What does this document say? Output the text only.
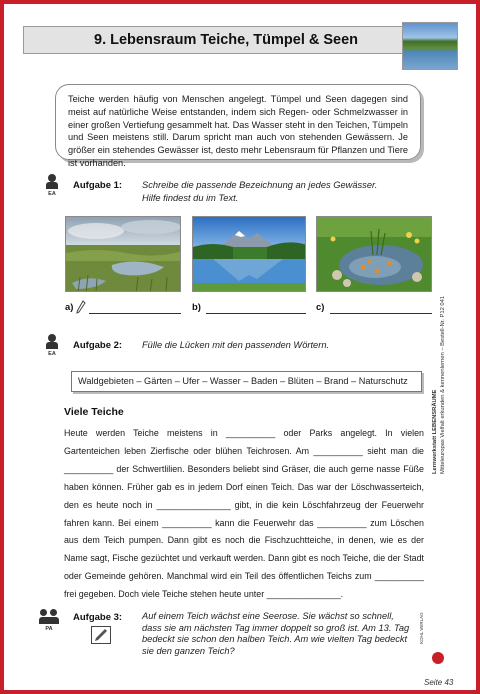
9. Lebensraum Teiche, Tümpel & Seen

Teiche werden häufig von Menschen angelegt. Tümpel und Seen dagegen sind meist auf natürliche Weise entstanden, indem sich Regen- oder Schmelzwasser in einer großen Vertiefung gesammelt hat. Das Wasser steht in den Teichen, Tümpeln und Seen meistens still. Darum spricht man auch von stehenden Gewässern. Je größer ein stehendes Gewässer ist, desto mehr Lebensraum für Pflanzen und Tiere ist vorhanden.

EA
Aufgabe 1: Schreibe die passende Bezeichnung an jedes Gewässer.
Hilfe findest du im Text.
a)	b)	c)
EA
Aufgabe 2: Fülle die Lücken mit den passenden Wörtern.
Waldgebieten – Gärten – Ufer – Wasser – Baden – Blüten – Brand – Naturschutz
Viele Teiche

Heute werden Teiche meistens in __________ oder Parks angelegt. In vielen Gartenteichen leben Zierfische oder blühen Teichrosen. Am __________ sieht man die __________ der Schwertlilien. Besonders beliebt sind Gräser, die auch gerne nasse Füße haben können. Früher gab es in jedem Dorf einen Teich. Das war der Löschwasserteich, den es heute noch in _______________ gibt, in die kein Löschfahrzeug der Feuerwehr fahren kann. Bei einem __________ kann die Feuerwehr das __________ zum Löschen aus dem Teich pumpen. Dann gibt es noch die Fischzuchtteiche, in denen, wie es der Name sagt, Fische gezüchtet und verkauft werden. Dann gibt es noch Teiche, die der Stadt oder Gemeinde gehören. Manchmal wird ein Teil des öffentlichen Teichs zum __________ frei gegeben. Doch viele Teiche stehen heute unter _______________.

PA
Aufgabe 3: Auf einem Teich wächst eine Seerose. Sie wächst so schnell, dass sie am nächsten Tag immer doppelt so groß ist. Am 13. Tag bedeckt sie schon den halben Teich. Am wie vielten Tag bedeckt sie den ganzen Teich?
Lernwerkstatt LEBENSRÄUME Mitteleuropas Vielfalt erkunden & kennenlernen – Bestell-Nr. P12 041
KOHL VERLAG
Seite 43
